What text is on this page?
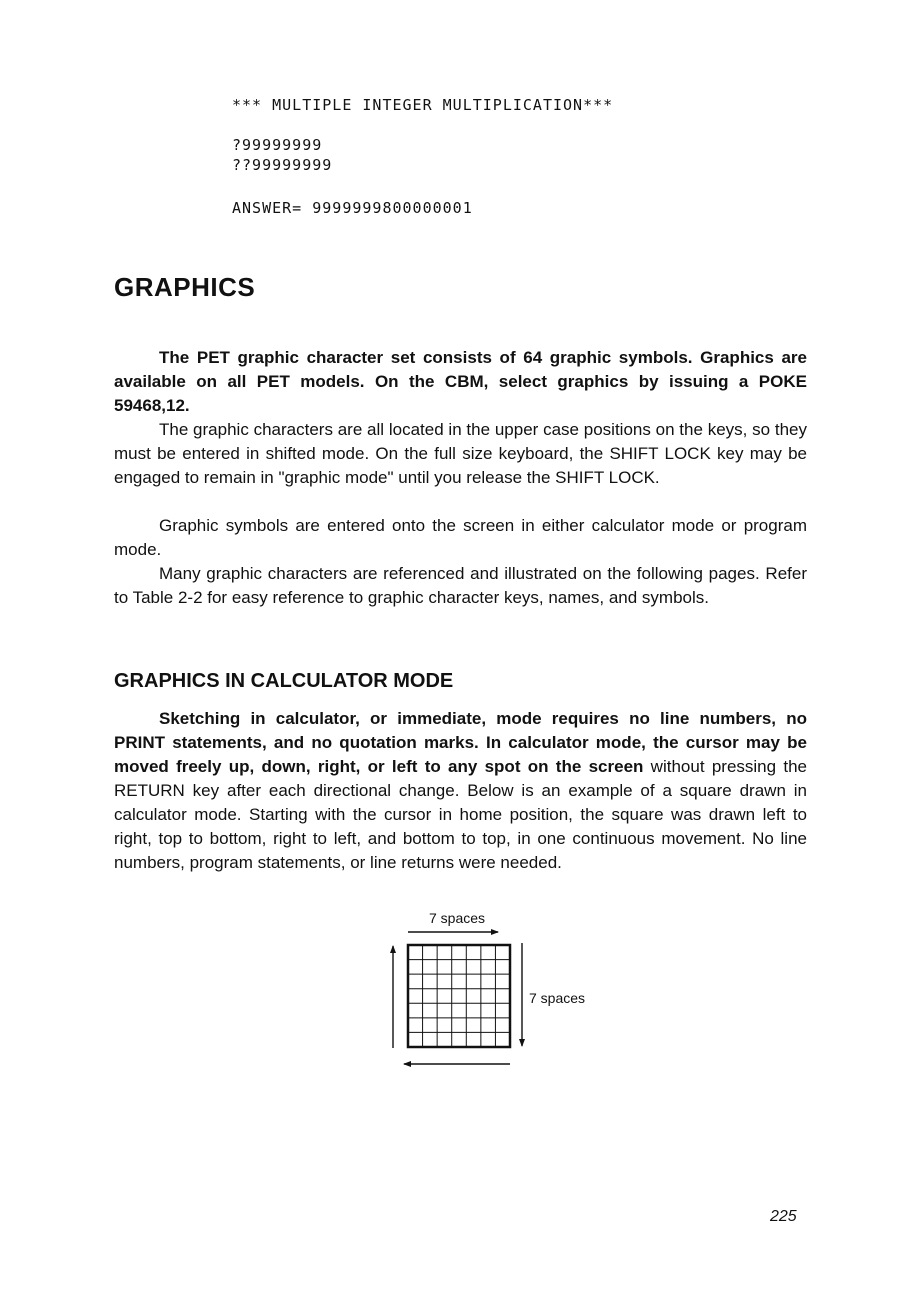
*** MULTIPLE INTEGER MULTIPLICATION***

?99999999

??99999999

ANSWER= 9999999800000001

GRAPHICS

The PET graphic character set consists of 64 graphic symbols. Graphics are available on all PET models. On the CBM, select graphics by issuing a POKE 59468,12.

The graphic characters are all located in the upper case positions on the keys, so they must be entered in shifted mode. On the full size keyboard, the SHIFT LOCK key may be engaged to remain in "graphic mode" until you release the SHIFT LOCK.

Graphic symbols are entered onto the screen in either calculator mode or program mode.

Many graphic characters are referenced and illustrated on the following pages. Refer to Table 2-2 for easy reference to graphic character keys, names, and symbols.

GRAPHICS IN CALCULATOR MODE

Sketching in calculator, or immediate, mode requires no line numbers, no PRINT statements, and no quotation marks. In calculator mode, the cursor may be moved freely up, down, right, or left to any spot on the screen without pressing the RETURN key after each directional change. Below is an example of a square drawn in calculator mode. Starting with the cursor in home position, the square was drawn left to right, top to bottom, right to left, and bottom to top, in one continuous movement. No line numbers, program statements, or line returns were needed.

7 spaces
7 spaces
225
